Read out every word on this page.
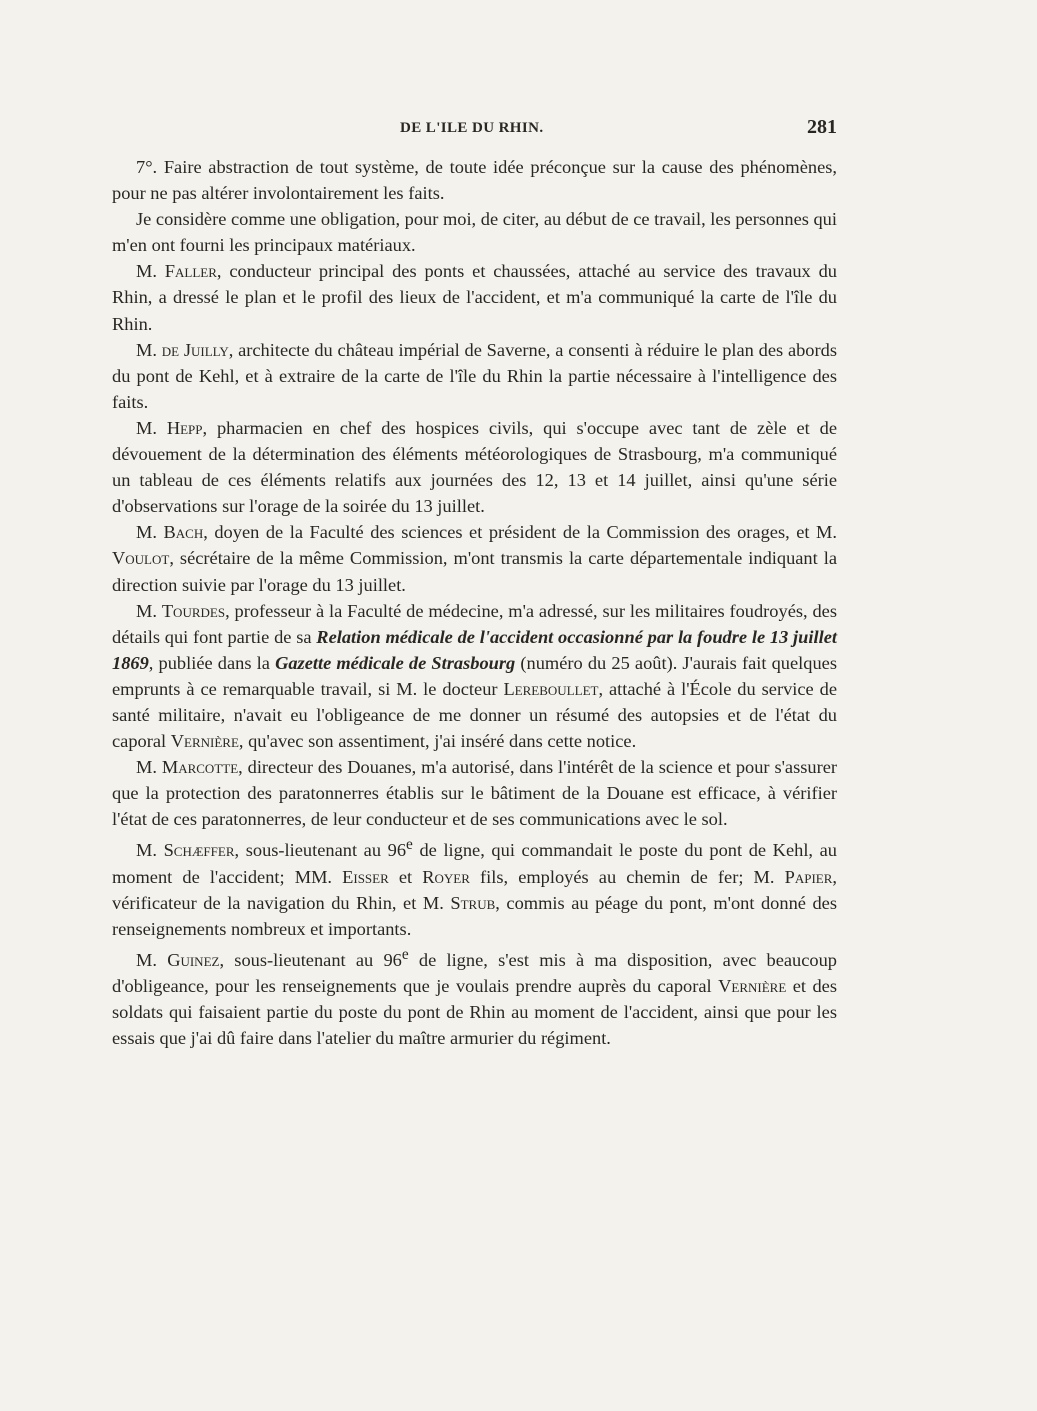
DE L'ILE DU RHIN.	281

7°. Faire abstraction de tout système, de toute idée préconçue sur la cause des phénomènes, pour ne pas altérer involontairement les faits.

Je considère comme une obligation, pour moi, de citer, au début de ce travail, les personnes qui m'en ont fourni les principaux matériaux.

M. Faller, conducteur principal des ponts et chaussées, attaché au service des travaux du Rhin, a dressé le plan et le profil des lieux de l'accident, et m'a communiqué la carte de l'île du Rhin.

M. de Juilly, architecte du château impérial de Saverne, a consenti à réduire le plan des abords du pont de Kehl, et à extraire de la carte de l'île du Rhin la partie nécessaire à l'intelligence des faits.

M. Hepp, pharmacien en chef des hospices civils, qui s'occupe avec tant de zèle et de dévouement de la détermination des éléments météorologiques de Strasbourg, m'a communiqué un tableau de ces éléments relatifs aux journées des 12, 13 et 14 juillet, ainsi qu'une série d'observations sur l'orage de la soirée du 13 juillet.

M. Bach, doyen de la Faculté des sciences et président de la Commission des orages, et M. Voulot, sécrétaire de la même Commission, m'ont transmis la carte départementale indiquant la direction suivie par l'orage du 13 juillet.

M. Tourdes, professeur à la Faculté de médecine, m'a adressé, sur les militaires foudroyés, des détails qui font partie de sa Relation médicale de l'accident occasionné par la foudre le 13 juillet 1869, publiée dans la Gazette médicale de Strasbourg (numéro du 25 août). J'aurais fait quelques emprunts à ce remarquable travail, si M. le docteur Lereboullet, attaché à l'École du service de santé militaire, n'avait eu l'obligeance de me donner un résumé des autopsies et de l'état du caporal Vernière, qu'avec son assentiment, j'ai inséré dans cette notice.

M. Marcotte, directeur des Douanes, m'a autorisé, dans l'intérêt de la science et pour s'assurer que la protection des paratonnerres établis sur le bâtiment de la Douane est efficace, à vérifier l'état de ces paratonnerres, de leur conducteur et de ses communications avec le sol.

M. Schæffer, sous-lieutenant au 96e de ligne, qui commandait le poste du pont de Kehl, au moment de l'accident; MM. Eisser et Royer fils, employés au chemin de fer; M. Papier, vérificateur de la navigation du Rhin, et M. Strub, commis au péage du pont, m'ont donné des renseignements nombreux et importants.

M. Guinez, sous-lieutenant au 96e de ligne, s'est mis à ma disposition, avec beaucoup d'obligeance, pour les renseignements que je voulais prendre auprès du caporal Vernière et des soldats qui faisaient partie du poste du pont de Rhin au moment de l'accident, ainsi que pour les essais que j'ai dû faire dans l'atelier du maître armurier du régiment.
